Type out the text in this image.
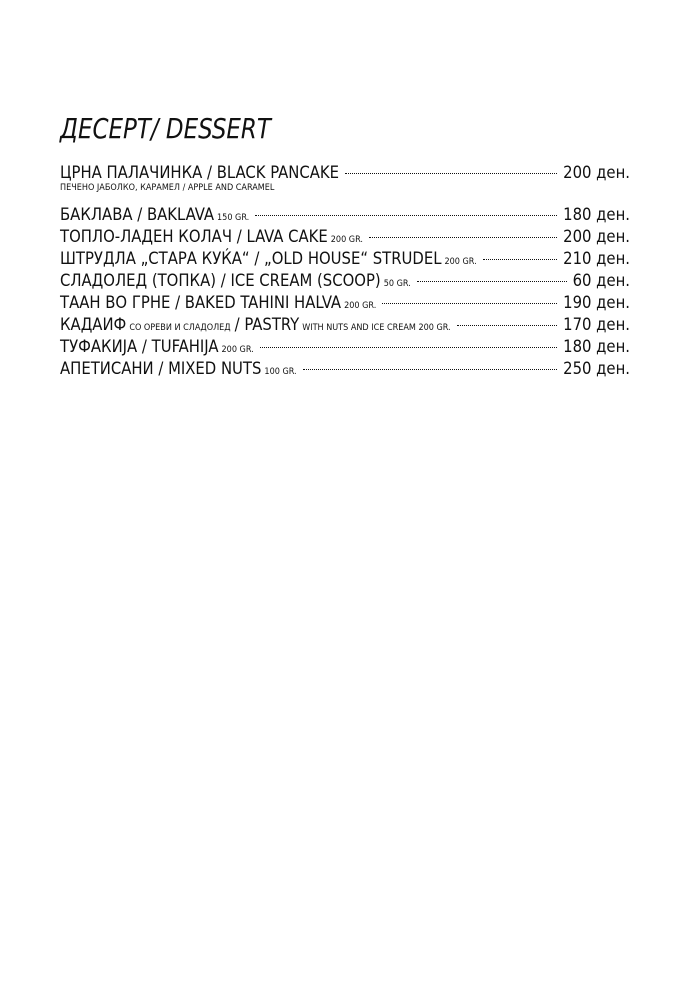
ДЕСЕРТ/ DESSERT
ЦРНА ПАЛАЧИНКА / BLACK PANCAKE	200 ден.
ПЕЧЕНО ЈАБОЛКО, КАРАМЕЛ / APPLE AND CARAMEL
БАКЛАВА / BAKLAVA 150 GR.	180 ден.
ТОПЛО-ЛАДЕН КОЛАЧ / LAVA CAKE 200 GR.	200 ден.
ШТРУДЛА „СТАРА КУЌА“ / „OLD HOUSE“ STRUDEL 200 GR.	210 ден.
СЛАДОЛЕД (ТОПКА) / ICE CREAM (SCOOP) 50 GR.	60 ден.
ТААН ВО ГРНЕ / BAKED TAHINI HALVA 200 GR.	190 ден.
КАДАИФ СО ОРЕВИ И СЛАДОЛЕД / PASTRY WITH NUTS AND ICE CREAM 200 GR.	170 ден.
ТУФАКИЈА / TUFAHIJA 200 GR.	180 ден.
АПЕТИСАНИ / MIXED NUTS 100 GR.	250 ден.
